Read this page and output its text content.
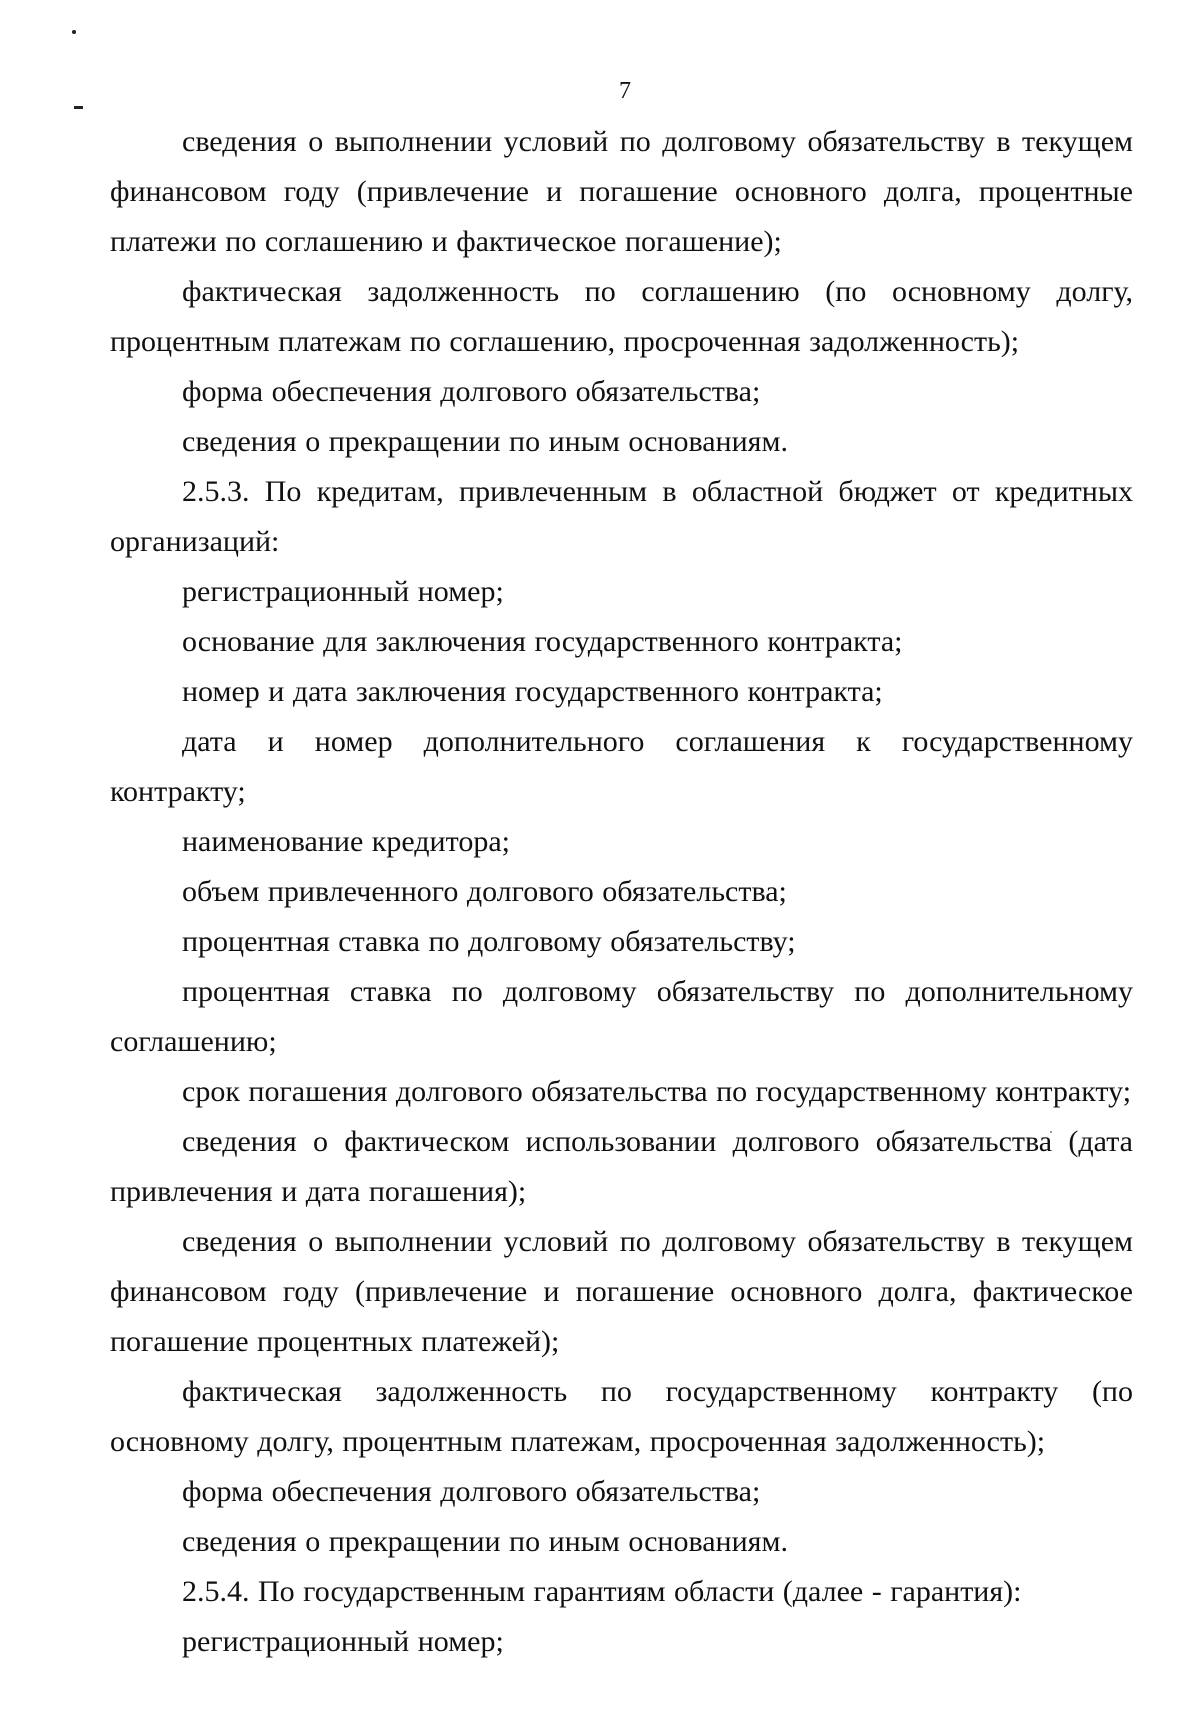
7

сведения о выполнении условий по долговому обязательству в текущем финансовом году (привлечение и погашение основного долга, процентные платежи по соглашению и фактическое погашение);

фактическая задолженность по соглашению (по основному долгу, процентным платежам по соглашению, просроченная задолженность);

форма обеспечения долгового обязательства;

сведения о прекращении по иным основаниям.

2.5.3. По кредитам, привлеченным в областной бюджет от кредитных организаций:

регистрационный номер;

основание для заключения государственного контракта;

номер и дата заключения государственного контракта;

дата и номер дополнительного соглашения к государственному контракту;

наименование кредитора;

объем привлеченного долгового обязательства;

процентная ставка по долговому обязательству;

процентная ставка по долговому обязательству по дополнительному соглашению;

срок погашения долгового обязательства по государственному контракту;

сведения о фактическом использовании долгового обязательства (дата привлечения и дата погашения);

сведения о выполнении условий по долговому обязательству в текущем финансовом году (привлечение и погашение основного долга, фактическое погашение процентных платежей);

фактическая задолженность по государственному контракту (по основному долгу, процентным платежам, просроченная задолженность);

форма обеспечения долгового обязательства;

сведения о прекращении по иным основаниям.

2.5.4. По государственным гарантиям области (далее - гарантия):

регистрационный номер;
